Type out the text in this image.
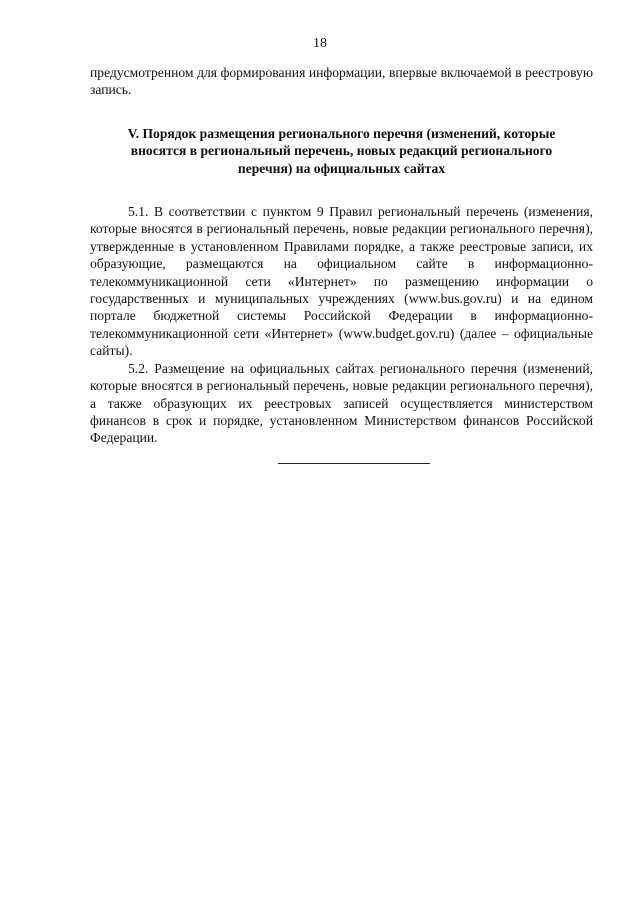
18

предусмотренном для формирования информации, впервые включаемой в реестровую запись.

V. Порядок размещения регионального перечня (изменений, которые вносятся в региональный перечень, новых редакций регионального перечня) на официальных сайтах

5.1. В соответствии с пунктом 9 Правил региональный перечень (изменения, которые вносятся в региональный перечень, новые редакции регионального перечня), утвержденные в установленном Правилами порядке, а также реестровые записи, их образующие, размещаются на официальном сайте в информационно-телекоммуникационной сети «Интернет» по размещению информации о государственных и муниципальных учреждениях (www.bus.gov.ru) и на едином портале бюджетной системы Российской Федерации в информационно-телекоммуникационной сети «Интернет» (www.budget.gov.ru) (далее – официальные сайты).

5.2. Размещение на официальных сайтах регионального перечня (изменений, которые вносятся в региональный перечень, новые редакции регионального перечня), а также образующих их реестровых записей осуществляется министерством финансов в срок и порядке, установленном Министерством финансов Российской Федерации.
